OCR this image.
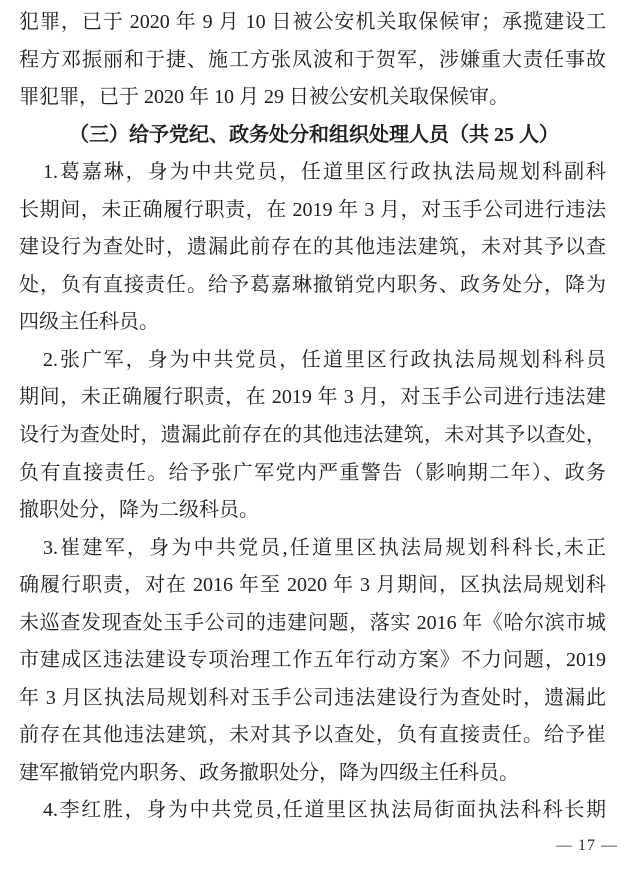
犯罪，已于 2020 年 9 月 10 日被公安机关取保候审；承揽建设工
程方邓振丽和于捷、施工方张凤波和于贺军，涉嫌重大责任事故
罪犯罪，已于 2020 年 10 月 29 日被公安机关取保候审。
（三）给予党纪、政务处分和组织处理人员（共 25 人）
1.葛嘉琳，身为中共党员，任道里区行政执法局规划科副科
长期间，未正确履行职责，在 2019 年 3 月，对玉手公司进行违法
建设行为查处时，遗漏此前存在的其他违法建筑，未对其予以查
处，负有直接责任。给予葛嘉琳撤销党内职务、政务处分，降为
四级主任科员。
2.张广军，身为中共党员，任道里区行政执法局规划科科员
期间，未正确履行职责，在 2019 年 3 月，对玉手公司进行违法建
设行为查处时，遗漏此前存在的其他违法建筑，未对其予以查处，
负有直接责任。给予张广军党内严重警告（影响期二年）、政务
撤职处分，降为二级科员。
3.崔建军，身为中共党员,任道里区执法局规划科科长,未正
确履行职责，对在 2016 年至 2020 年 3 月期间，区执法局规划科
未巡查发现查处玉手公司的违建问题，落实 2016 年《哈尔滨市城
市建成区违法建设专项治理工作五年行动方案》不力问题，2019
年 3 月区执法局规划科对玉手公司违法建设行为查处时，遗漏此
前存在其他违法建筑，未对其予以查处，负有直接责任。给予崔
建军撤销党内职务、政务撤职处分，降为四级主任科员。
4.李红胜，身为中共党员,任道里区执法局街面执法科科长期
— 17 —
